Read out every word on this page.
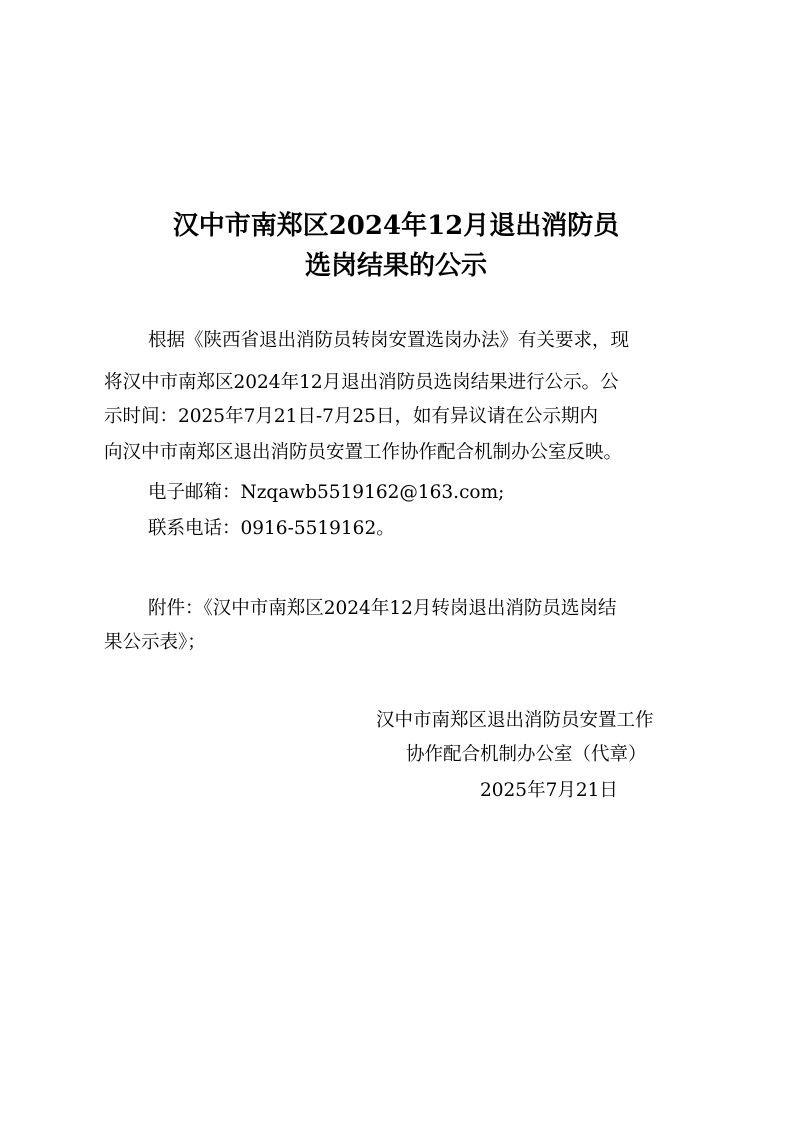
汉中市南郑区2024年12月退出消防员
选岗结果的公示
根据《陕西省退出消防员转岗安置选岗办法》有关要求，现
将汉中市南郑区2024年12月退出消防员选岗结果进行公示。公
示时间：2025年7月21日-7月25日，如有异议请在公示期内
向汉中市南郑区退出消防员安置工作协作配合机制办公室反映。
电子邮箱：Nzqawb5519162@163.com;
联系电话：0916-5519162。
附件：《汉中市南郑区2024年12月转岗退出消防员选岗结
果公示表》；
汉中市南郑区退出消防员安置工作
协作配合机制办公室（代章）
2025年7月21日
